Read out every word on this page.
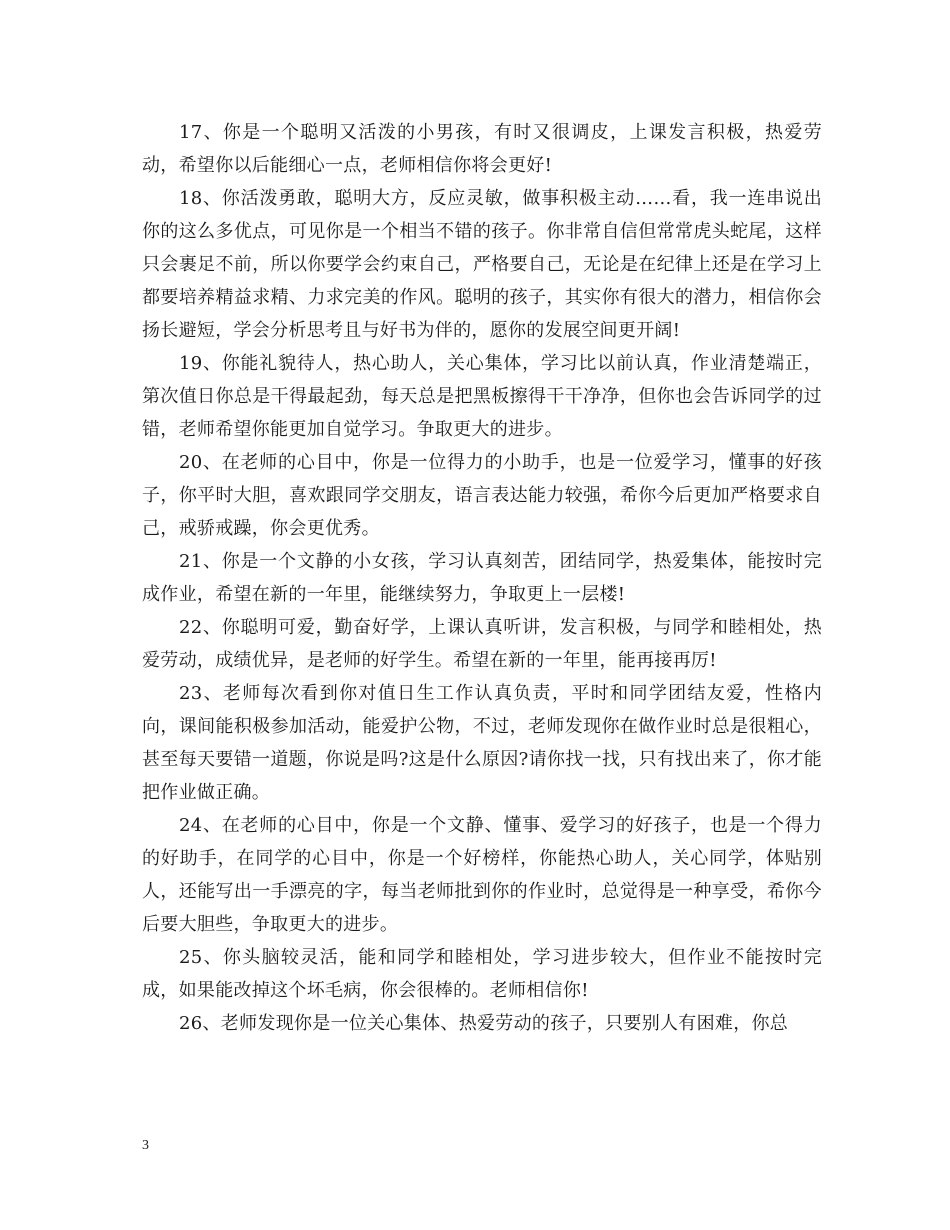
17、你是一个聪明又活泼的小男孩，有时又很调皮，上课发言积极，热爱劳动，希望你以后能细心一点，老师相信你将会更好!

18、你活泼勇敢，聪明大方，反应灵敏，做事积极主动……看，我一连串说出你的这么多优点，可见你是一个相当不错的孩子。你非常自信但常常虎头蛇尾，这样只会裹足不前，所以你要学会约束自己，严格要自己，无论是在纪律上还是在学习上都要培养精益求精、力求完美的作风。聪明的孩子，其实你有很大的潜力，相信你会扬长避短，学会分析思考且与好书为伴的，愿你的发展空间更开阔!

19、你能礼貌待人，热心助人，关心集体，学习比以前认真，作业清楚端正，第次值日你总是干得最起劲，每天总是把黑板擦得干干净净，但你也会告诉同学的过错，老师希望你能更加自觉学习。争取更大的进步。

20、在老师的心目中，你是一位得力的小助手，也是一位爱学习，懂事的好孩子，你平时大胆，喜欢跟同学交朋友，语言表达能力较强，希你今后更加严格要求自己，戒骄戒躁，你会更优秀。

21、你是一个文静的小女孩，学习认真刻苦，团结同学，热爱集体，能按时完成作业，希望在新的一年里，能继续努力，争取更上一层楼!

22、你聪明可爱，勤奋好学，上课认真听讲，发言积极，与同学和睦相处，热爱劳动，成绩优异，是老师的好学生。希望在新的一年里，能再接再厉!

23、老师每次看到你对值日生工作认真负责，平时和同学团结友爱，性格内向，课间能积极参加活动，能爱护公物，不过，老师发现你在做作业时总是很粗心，甚至每天要错一道题，你说是吗?这是什么原因?请你找一找，只有找出来了，你才能把作业做正确。

24、在老师的心目中，你是一个文静、懂事、爱学习的好孩子，也是一个得力的好助手，在同学的心目中，你是一个好榜样，你能热心助人，关心同学，体贴别人，还能写出一手漂亮的字，每当老师批到你的作业时，总觉得是一种享受，希你今后要大胆些，争取更大的进步。

25、你头脑较灵活，能和同学和睦相处，学习进步较大，但作业不能按时完成，如果能改掉这个坏毛病，你会很棒的。老师相信你!

26、老师发现你是一位关心集体、热爱劳动的孩子，只要别人有困难，你总

3
